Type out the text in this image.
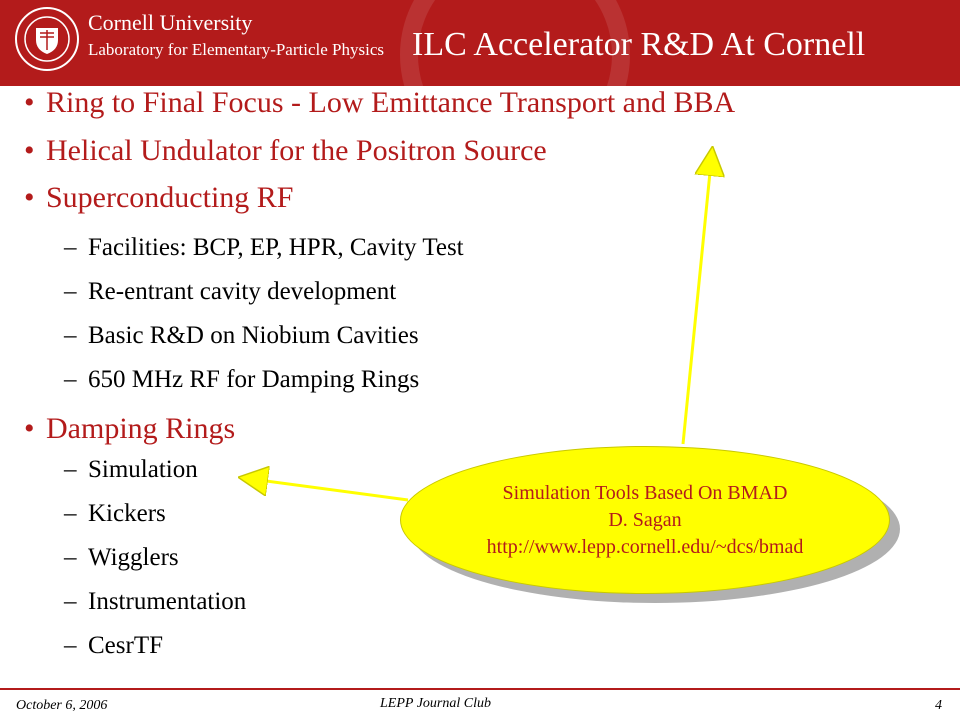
Cornell University
Laboratory for Elementary-Particle Physics ILC Accelerator R&D At Cornell
• Ring to Final Focus - Low Emittance Transport and BBA
• Helical Undulator for the Positron Source
• Superconducting RF
– Facilities: BCP, EP, HPR, Cavity Test
– Re-entrant cavity development
– Basic R&D on Niobium Cavities
– 650 MHz RF for Damping Rings
• Damping Rings
– Simulation
– Kickers
– Wigglers
– Instrumentation
– CesrTF
Simulation Tools Based On BMAD
D. Sagan
http://www.lepp.cornell.edu/~dcs/bmad
October 6, 2006	LEPP Journal Club	4
